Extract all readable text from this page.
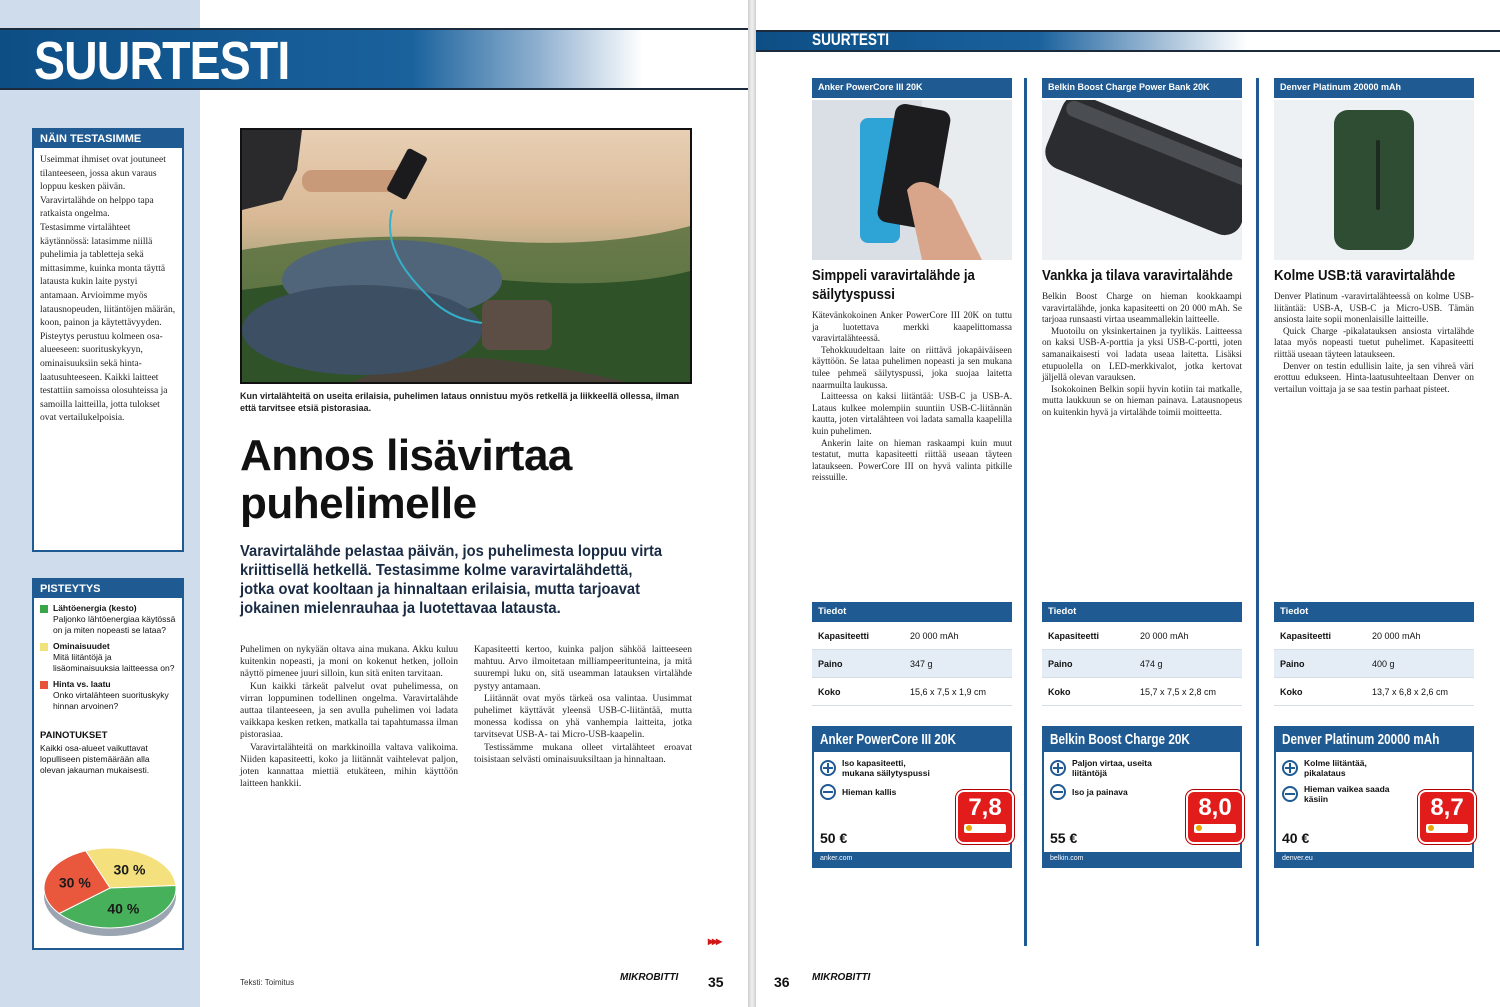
SUURTESTI
NÄIN TESTASIMME

Useimmat ihmiset ovat joutuneet tilanteeseen, jossa akun varaus loppuu kesken päivän. Varavirtalähde on helppo tapa ratkaista ongelma.

Testasimme virtalähteet käytännössä: latasimme niillä puhelimia ja tabletteja sekä mittasimme, kuinka monta täyttä latausta kukin laite pystyi antamaan. Arvioimme myös latausnopeuden, liitäntöjen määrän, koon, painon ja käytettävyyden.

Pisteytys perustuu kolmeen osa-alueeseen: suorituskykyyn, ominaisuuksiin sekä hinta-laatusuhteeseen. Kaikki laitteet testattiin samoissa olosuhteissa ja samoilla laitteilla, jotta tulokset ovat vertailukelpoisia.

PISTEYTYS
Lähtöenergia (kesto)
Paljonko lähtöenergiaa käytössä on ja miten nopeasti se lataa?
Ominaisuudet
Mitä liitäntöjä ja lisäominaisuuksia laitteessa on?
Hinta vs. laatu
Onko virtalähteen suorituskyky hinnan arvoinen?
PAINOTUKSET
Kaikki osa-alueet vaikuttavat lopulliseen pistemäärään alla olevan jakauman mukaisesti.
30 %
40 %
30 %
Kun virtalähteitä on useita erilaisia, puhelimen lataus onnistuu myös retkellä ja liikkeellä ollessa, ilman että tarvitsee etsiä pistorasiaa.
Annos lisävirtaa puhelimelle
Varavirtalähde pelastaa päivän, jos puhelimesta loppuu virta kriittisellä hetkellä. Testasimme kolme varavirtalähdettä, jotka ovat kooltaan ja hinnaltaan erilaisia, mutta tarjoavat jokainen mielenrauhaa ja luotettavaa latausta.

Puhelimen on nykyään oltava aina mukana. Akku kuluu kuitenkin nopeasti, ja moni on kokenut hetken, jolloin näyttö pimenee juuri silloin, kun sitä eniten tarvitaan.

Kun kaikki tärkeät palvelut ovat puhelimessa, on virran loppuminen todellinen ongelma. Varavirtalähde auttaa tilanteeseen, ja sen avulla puhelimen voi ladata vaikkapa kesken retken, matkalla tai tapahtumassa ilman pistorasiaa.

Varavirtalähteitä on markkinoilla valtava valikoima. Niiden kapasiteetti, koko ja liitännät vaihtelevat paljon, joten kannattaa miettiä etukäteen, mihin käyttöön laitteen hankkii.

Kapasiteetti kertoo, kuinka paljon sähköä laitteeseen mahtuu. Arvo ilmoitetaan milliampeeritunteina, ja mitä suurempi luku on, sitä useamman latauksen virtalähde pystyy antamaan.

Liitännät ovat myös tärkeä osa valintaa. Uusimmat puhelimet käyttävät yleensä USB-C-liitäntää, mutta monessa kodissa on yhä vanhempia laitteita, jotka tarvitsevat USB-A- tai Micro-USB-kaapelin.

Testissämme mukana olleet virtalähteet eroavat toisistaan selvästi ominaisuuksiltaan ja hinnaltaan.

▸▸▸
Teksti: Toimitus	MIKROBITTI 35
SUURTESTI
Anker PowerCore III 20K
Simppeli varavirtalähde ja säilytyspussi

Kätevänkokoinen Anker PowerCore III 20K on tuttu ja luotettava merkki kaapelittomassa varavirtalähteessä.

Tehokkuudeltaan laite on riittävä jokapäiväiseen käyttöön. Se lataa puhelimen nopeasti ja sen mukana tulee pehmeä säilytyspussi, joka suojaa laitetta naarmuilta laukussa.

Laitteessa on kaksi liitäntää: USB-C ja USB-A. Lataus kulkee molempiin suuntiin USB-C-liitännän kautta, joten virtalähteen voi ladata samalla kaapelilla kuin puhelimen.

Ankerin laite on hieman raskaampi kuin muut testatut, mutta kapasiteetti riittää useaan täyteen lataukseen. PowerCore III on hyvä valinta pitkille reissuille.

Belkin Boost Charge Power Bank 20K
Vankka ja tilava varavirtalähde

Belkin Boost Charge on hieman kookkaampi varavirtalähde, jonka kapasiteetti on 20 000 mAh. Se tarjoaa runsaasti virtaa useammallekin laitteelle.

Muotoilu on yksinkertainen ja tyylikäs. Laitteessa on kaksi USB-A-porttia ja yksi USB-C-portti, joten samanaikaisesti voi ladata useaa laitetta. Lisäksi etupuolella on LED-merkkivalot, jotka kertovat jäljellä olevan varauksen.

Isokokoinen Belkin sopii hyvin kotiin tai matkalle, mutta laukkuun se on hieman painava. Latausnopeus on kuitenkin hyvä ja virtalähde toimii moitteetta.

Denver Platinum 20000 mAh
Kolme USB:tä varavirtalähde

Denver Platinum -varavirtalähteessä on kolme USB-liitäntää: USB-A, USB-C ja Micro-USB. Tämän ansiosta laite sopii monenlaisille laitteille.

Quick Charge -pikalatauksen ansiosta virtalähde lataa myös nopeasti tuetut puhelimet. Kapasiteetti riittää useaan täyteen lataukseen.

Denver on testin edullisin laite, ja sen vihreä väri erottuu edukseen. Hinta-laatusuhteeltaan Denver on vertailun voittaja ja se saa testin parhaat pisteet.

Tiedot
Kapasiteetti	20 000 mAh
Paino	347 g
Koko	15,6 x 7,5 x 1,9 cm
Tiedot
Kapasiteetti	20 000 mAh
Paino	474 g
Koko	15,7 x 7,5 x 2,8 cm
Tiedot
Kapasiteetti	20 000 mAh
Paino	400 g
Koko	13,7 x 6,8 x 2,6 cm
Anker PowerCore III 20K
Iso kapasiteetti, mukana säilytyspussi
Hieman kallis
50 €
7,8
anker.com
Belkin Boost Charge 20K
Paljon virtaa, useita liitäntöjä
Iso ja painava
55 €
8,0
belkin.com
Denver Platinum 20000 mAh
Kolme liitäntää, pikalataus
Hieman vaikea saada käsiin
40 €
8,7
denver.eu
36 MIKROBITTI
